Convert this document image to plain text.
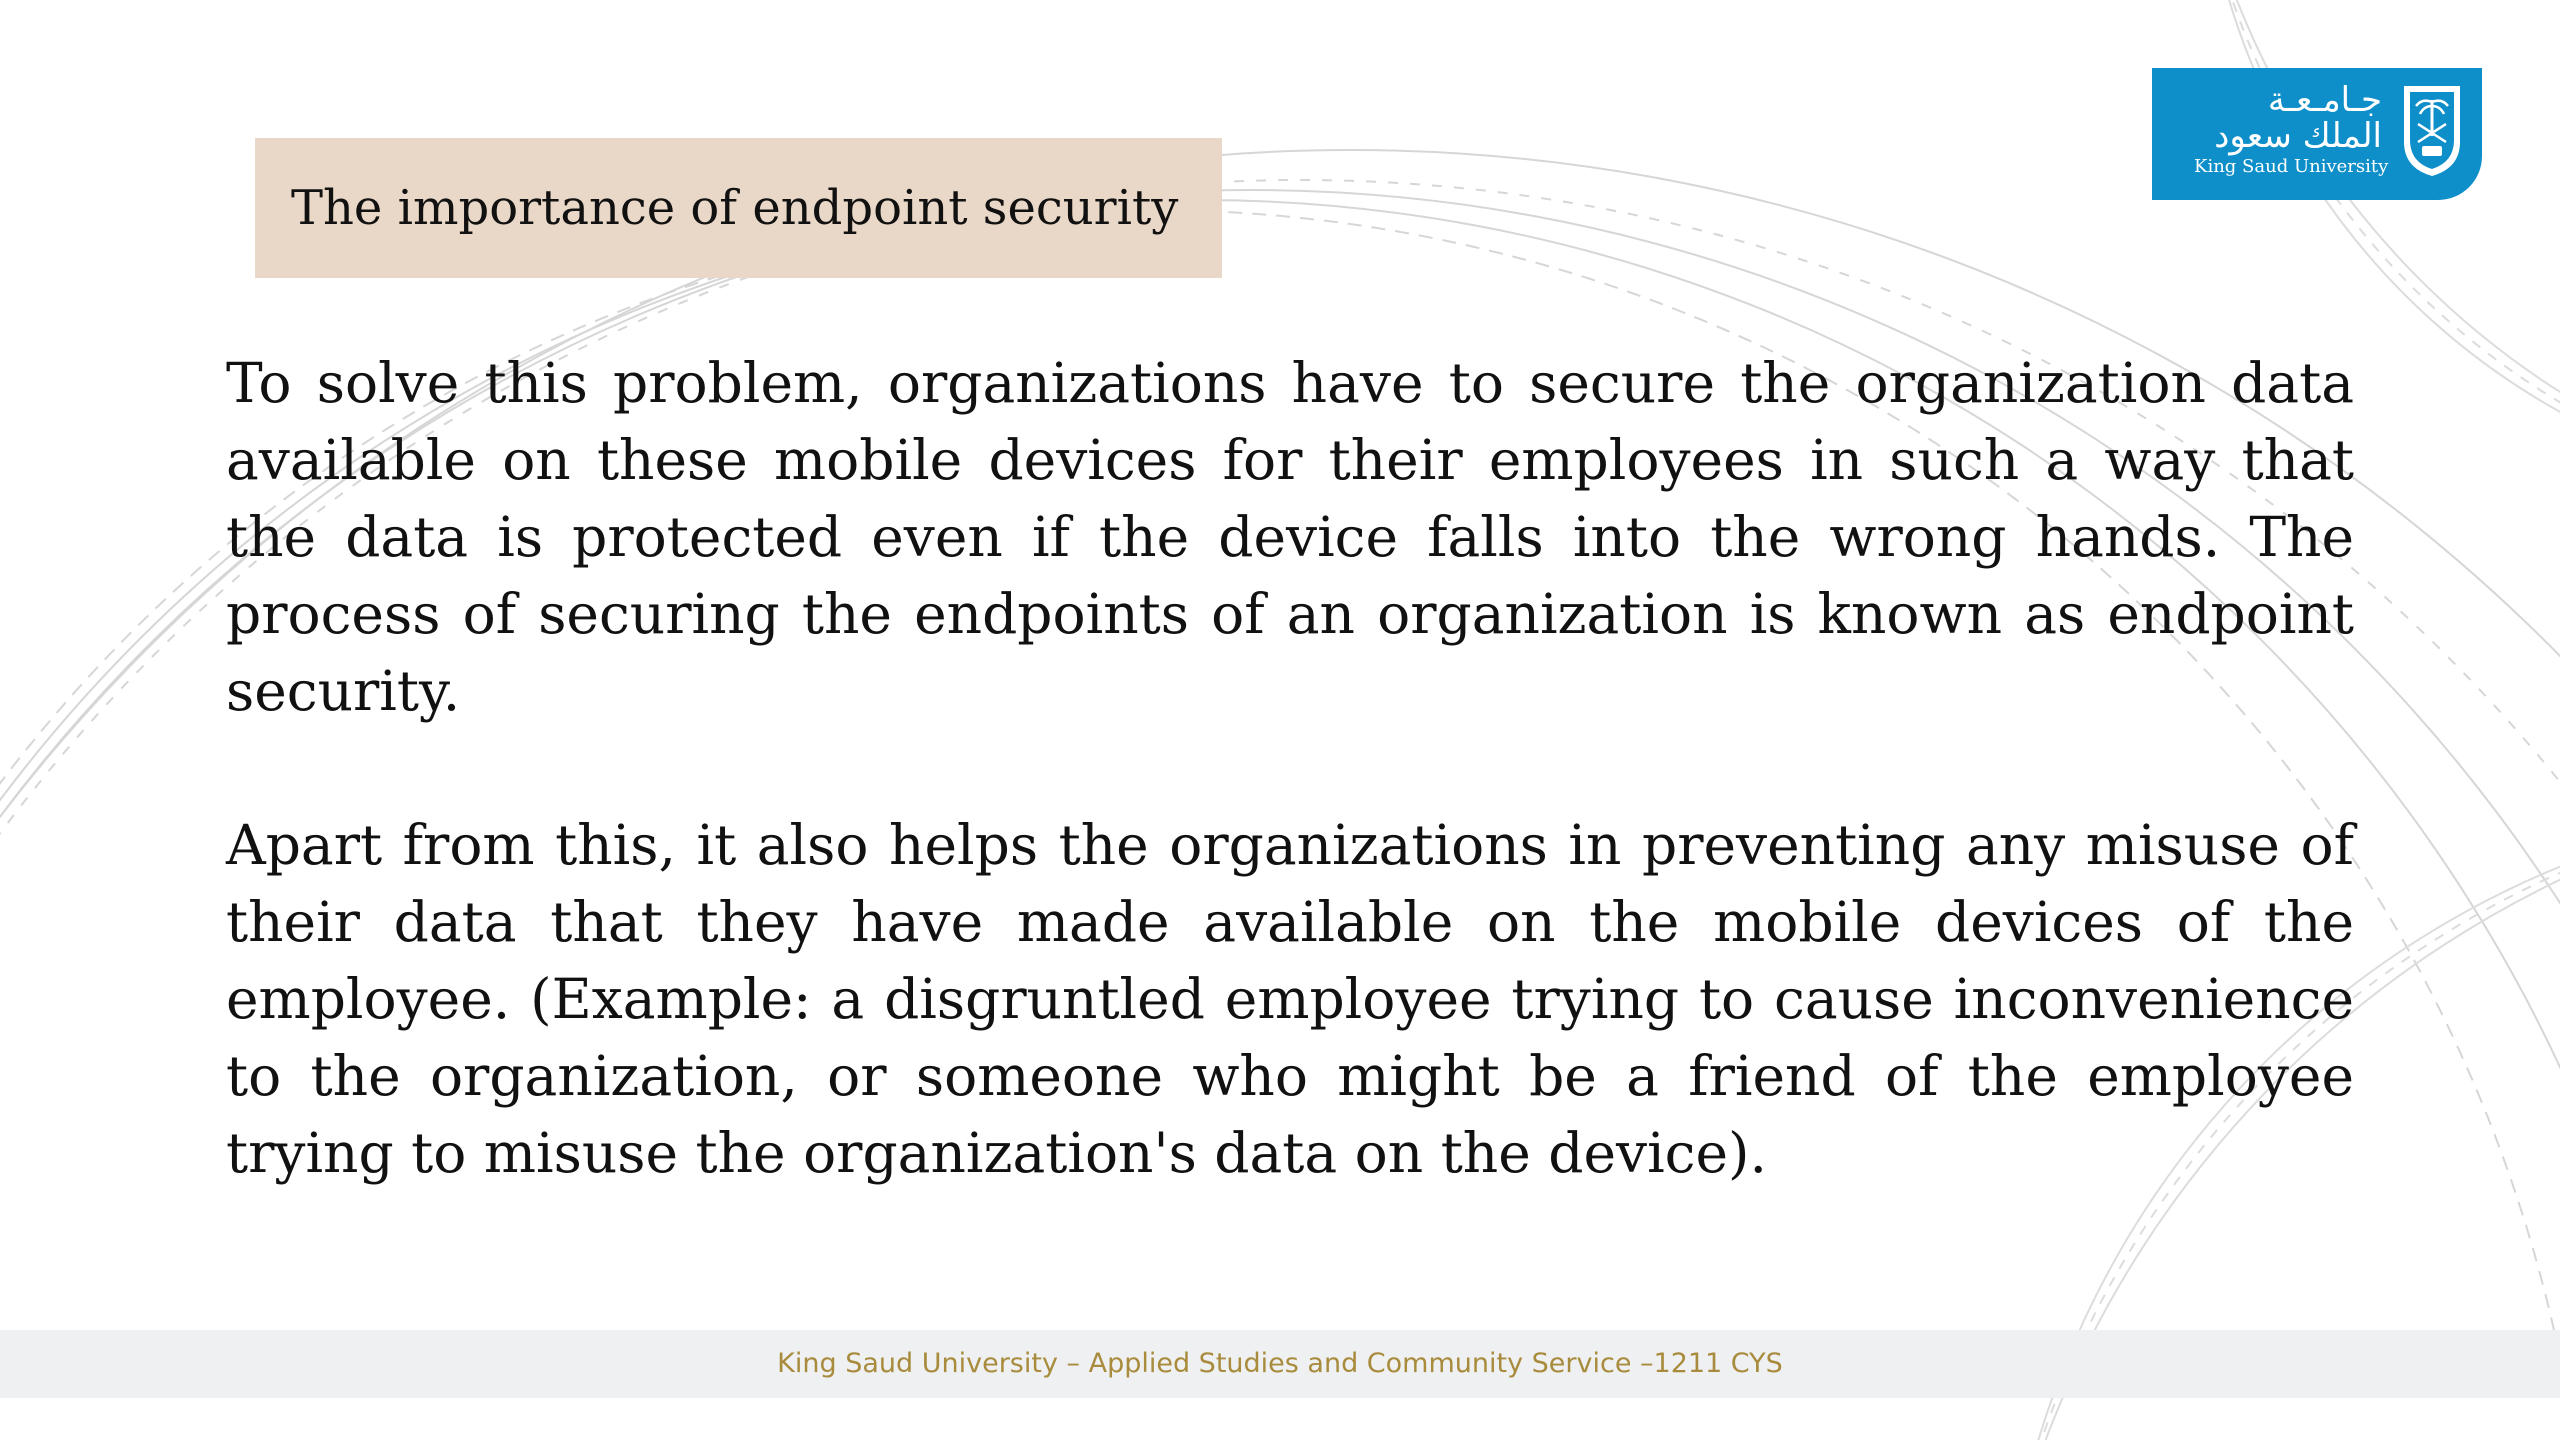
The importance of endpoint security
جـامـعـة
الملك سعود
King Saud University

To solve this problem, organizations have to secure the organization data available on these mobile devices for their employees in such a way that the data is protected even if the device falls into the wrong hands. The process of securing the endpoints of an organization is known as endpoint security.

Apart from this, it also helps the organizations in preventing any misuse of their data that they have made available on the mobile devices of the employee. (Example: a disgruntled employee trying to cause inconvenience to the organization, or someone who might be a friend of the employee trying to misuse the organization's data on the device).

King Saud University – Applied Studies and Community Service –1211 CYS
